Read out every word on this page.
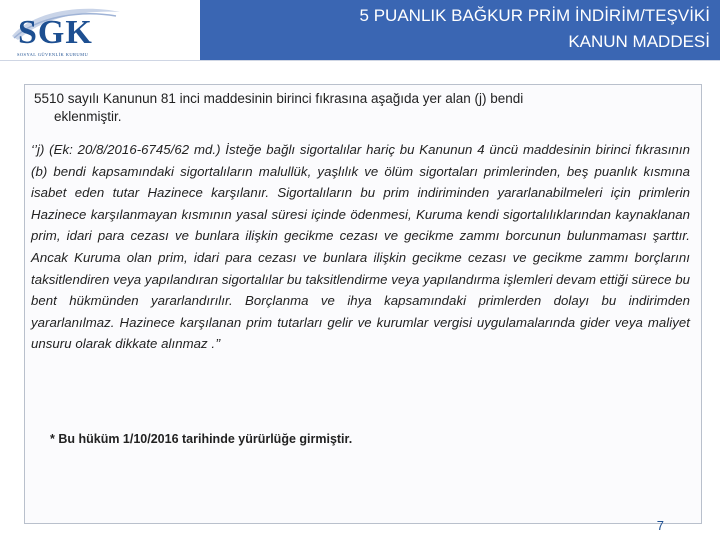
SGK
SOSYAL GÜVENLİK KURUMU
5 PUANLIK BAĞKUR PRİM İNDİRİM/TEŞVİKİ
KANUN MADDESİ
5510 sayılı Kanunun 81 inci maddesinin birinci fıkrasına aşağıda yer alan (j) bendi
eklenmiştir.
‘’j) (Ek: 20/8/2016-6745/62 md.) İsteğe bağlı sigortalılar hariç bu Kanunun 4 üncü maddesinin birinci fıkrasının (b) bendi kapsamındaki sigortalıların malullük, yaşlılık ve ölüm sigortaları primlerinden, beş puanlık kısmına isabet eden tutar Hazinece karşılanır. Sigortalıların bu prim indiriminden yararlanabilmeleri için primlerin Hazinece karşılanmayan kısmının yasal süresi içinde ödenmesi, Kuruma kendi sigortalılıklarından kaynaklanan prim, idari para cezası ve bunlara ilişkin gecikme cezası ve gecikme zammı borcunun bulunmaması şarttır. Ancak Kuruma olan prim, idari para cezası ve bunlara ilişkin gecikme cezası ve gecikme zammı borçlarını taksitlendiren veya yapılandıran sigortalılar bu taksitlendirme veya yapılandırma işlemleri devam ettiği sürece bu bent hükmünden yararlandırılır. Borçlanma ve ihya kapsamındaki primlerden dolayı bu indirimden yararlanılmaz. Hazinece karşılanan prim tutarları gelir ve kurumlar vergisi uygulamalarında gider veya maliyet unsuru olarak dikkate alınmaz .’’
* Bu hüküm 1/10/2016 tarihinde yürürlüğe girmiştir.
7
